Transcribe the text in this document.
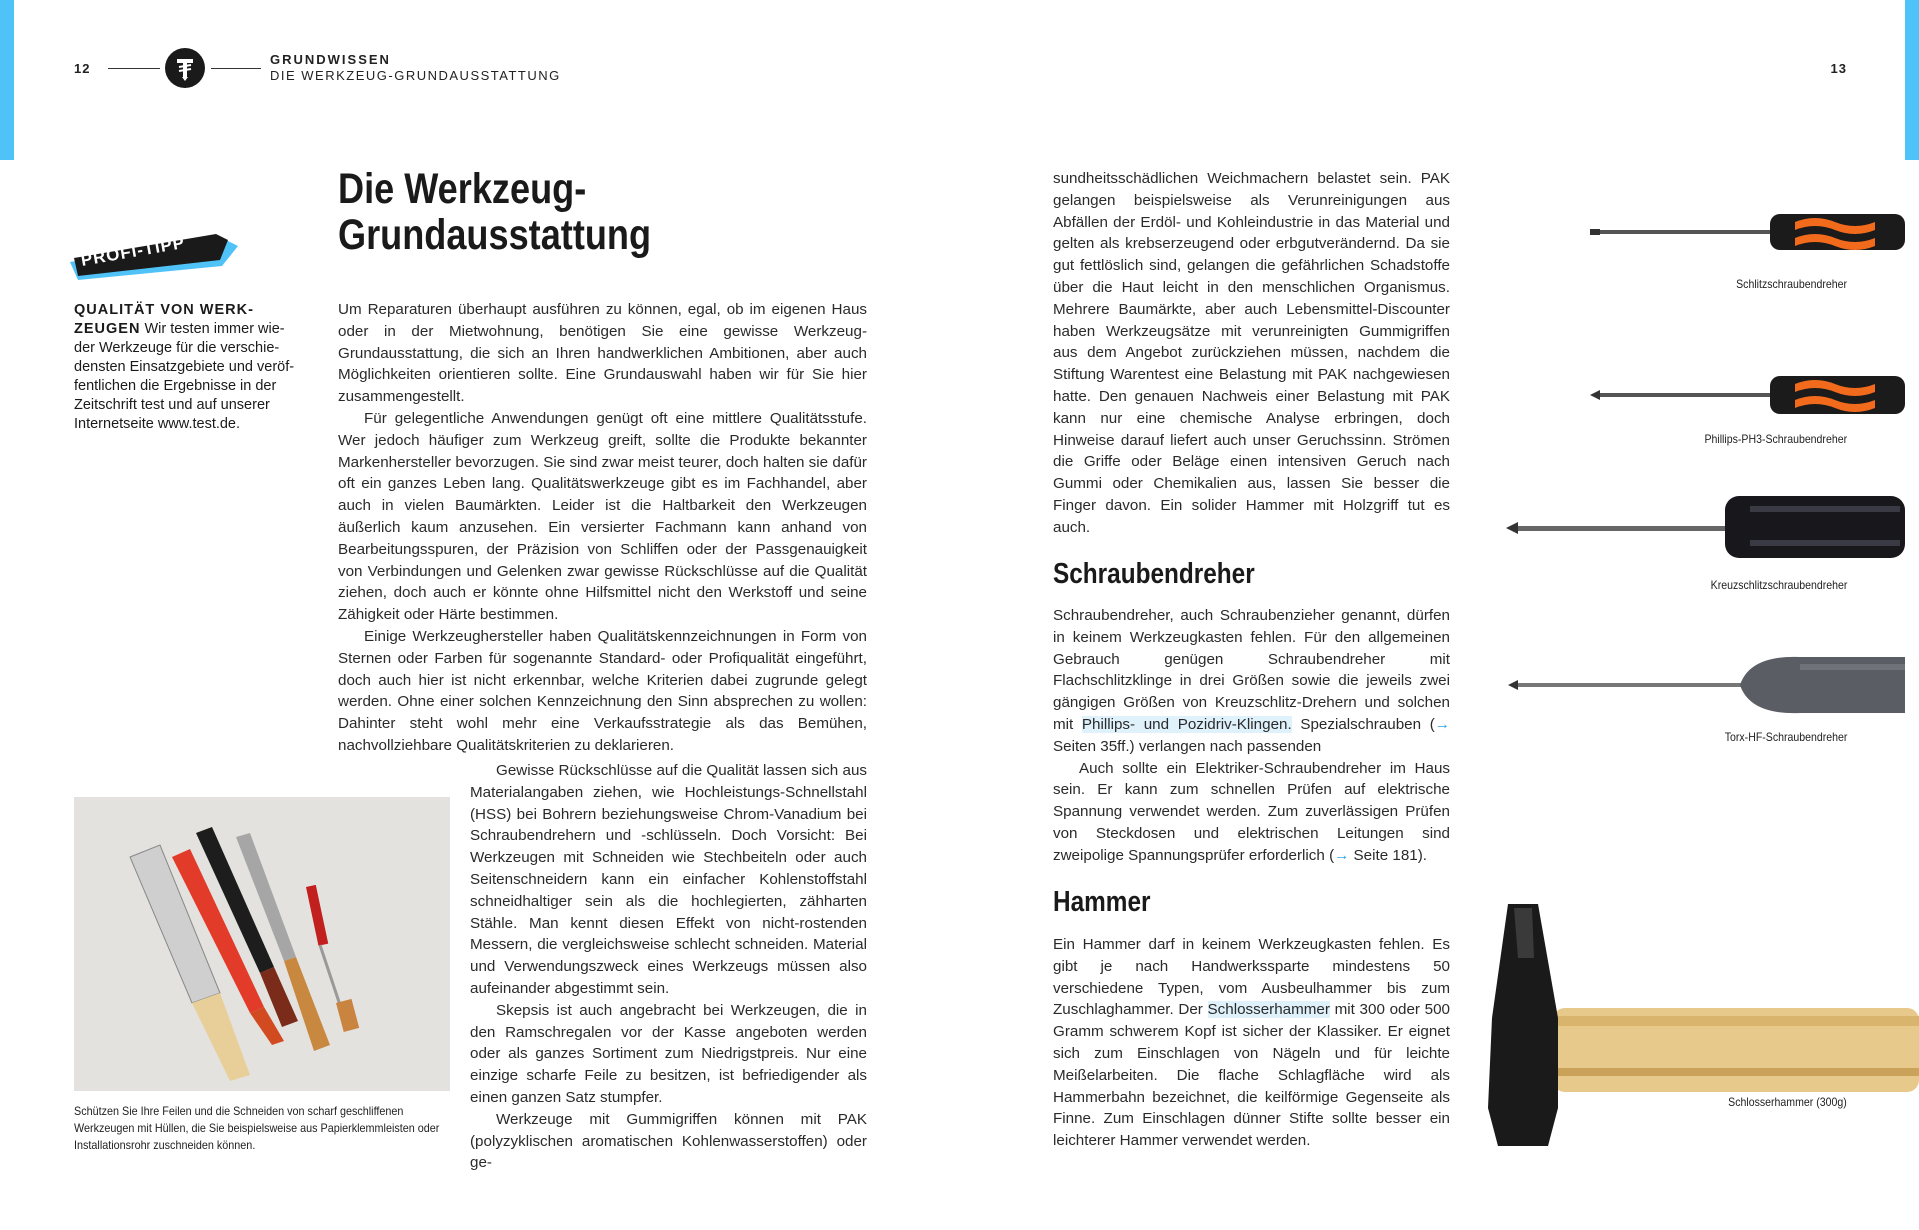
12
GRUNDWISSEN
DIE WERKZEUG-GRUNDAUSSTATTUNG	13
PROFI-TIPP
QUALITÄT VON WERK-
ZEUGEN Wir testen immer wie-
der Werkzeuge für die verschie-densten Einsatzgebiete und veröf-fentlichen die Ergebnisse in der Zeitschrift test und auf unserer Internetseite www.test.de.
Die Werkzeug-
Grundausstattung

Um Reparaturen überhaupt ausführen zu können, egal, ob im eigenen Haus oder in der Mietwohnung, benötigen Sie eine gewisse Werkzeug-Grundausstattung, die sich an Ihren handwerklichen Ambitionen, aber auch Möglichkeiten orientieren sollte. Eine Grundauswahl haben wir für Sie hier zusammengestellt.

Für gelegentliche Anwendungen genügt oft eine mittlere Qualitätsstufe. Wer jedoch häufiger zum Werkzeug greift, sollte die Produkte bekannter Markenhersteller bevorzugen. Sie sind zwar meist teurer, doch halten sie dafür oft ein ganzes Leben lang. Qualitätswerkzeuge gibt es im Fachhandel, aber auch in vielen Baumärkten. Leider ist die Haltbarkeit den Werkzeugen äußerlich kaum anzusehen. Ein versierter Fachmann kann anhand von Bearbeitungsspuren, der Präzision von Schliffen oder der Passgenauigkeit von Verbindungen und Gelenken zwar gewisse Rückschlüsse auf die Qualität ziehen, doch auch er könnte ohne Hilfsmittel nicht den Werkstoff und seine Zähigkeit oder Härte bestimmen.

Einige Werkzeughersteller haben Qualitätskennzeichnungen in Form von Sternen oder Farben für sogenannte Standard- oder Profiqualität eingeführt, doch auch hier ist nicht erkennbar, welche Kriterien dabei zugrunde gelegt werden. Ohne einer solchen Kennzeichnung den Sinn absprechen zu wollen: Dahinter steht wohl mehr eine Verkaufsstrategie als das Bemühen, nachvollziehbare Qualitätskriterien zu deklarieren.

Gewisse Rückschlüsse auf die Qualität lassen sich aus Materialangaben ziehen, wie Hochleistungs-Schnellstahl (HSS) bei Bohrern beziehungsweise Chrom-Vanadium bei Schraubendrehern und -schlüsseln. Doch Vorsicht: Bei Werkzeugen mit Schneiden wie Stechbeiteln oder auch Seitenschneidern kann ein einfacher Kohlenstoffstahl schneidhaltiger sein als die hochlegierten, zähharten Stähle. Man kennt diesen Effekt von nicht-rostenden Messern, die vergleichsweise schlecht schneiden. Material und Verwendungszweck eines Werkzeugs müssen also aufeinander abgestimmt sein.

Skepsis ist auch angebracht bei Werkzeugen, die in den Ramschregalen vor der Kasse angeboten werden oder als ganzes Sortiment zum Niedrigstpreis. Nur eine einzige scharfe Feile zu besitzen, ist befriedigender als einen ganzen Satz stumpfer.

Werkzeuge mit Gummigriffen können mit PAK (polyzyklischen aromatischen Kohlenwasserstoffen) oder ge-

Schützen Sie Ihre Feilen und die Schneiden von scharf geschliffenen Werkzeugen mit Hüllen, die Sie beispielsweise aus Papierklemmleisten oder Installationsrohr zuschneiden können.

sundheitsschädlichen Weichmachern belastet sein. PAK gelangen beispielsweise als Verunreinigungen aus Abfällen der Erdöl- und Kohleindustrie in das Material und gelten als krebserzeugend oder erbgutverändernd. Da sie gut fettlöslich sind, gelangen die gefährlichen Schadstoffe über die Haut leicht in den menschlichen Organismus. Mehrere Baumärkte, aber auch Lebensmittel-Discounter haben Werkzeugsätze mit verunreinigten Gummigriffen aus dem Angebot zurückziehen müssen, nachdem die Stiftung Warentest eine Belastung mit PAK nachgewiesen hatte. Den genauen Nachweis einer Belastung mit PAK kann nur eine chemische Analyse erbringen, doch Hinweise darauf liefert auch unser Geruchssinn. Strömen die Griffe oder Beläge einen intensiven Geruch nach Gummi oder Chemikalien aus, lassen Sie besser die Finger davon. Ein solider Hammer mit Holzgriff tut es auch.

Schraubendreher

Schraubendreher, auch Schraubenzieher genannt, dürfen in keinem Werkzeugkasten fehlen. Für den allgemeinen Gebrauch genügen Schraubendreher mit Flachschlitzklinge in drei Größen sowie die jeweils zwei gängigen Größen von Kreuzschlitz-Drehern und solchen mit Phillips- und Pozidriv-Klingen. Spezialschrauben (→ Seiten 35ff.) verlangen nach passenden

Auch sollte ein Elektriker-Schraubendreher im Haus sein. Er kann zum schnellen Prüfen auf elektrische Spannung verwendet werden. Zum zuverlässigen Prüfen von Steckdosen und elektrischen Leitungen sind zweipolige Spannungsprüfer erforderlich (→ Seite 181).

Hammer

Ein Hammer darf in keinem Werkzeugkasten fehlen. Es gibt je nach Handwerkssparte mindestens 50 verschiedene Typen, vom Ausbeulhammer bis zum Zuschlaghammer. Der Schlosserhammer mit 300 oder 500 Gramm schwerem Kopf ist sicher der Klassiker. Er eignet sich zum Einschlagen von Nägeln und für leichte Meißelarbeiten. Die flache Schlagfläche wird als Hammerbahn bezeichnet, die keilförmige Gegenseite als Finne. Zum Einschlagen dünner Stifte sollte besser ein leichterer Hammer verwendet werden.

Schlitzschraubendreher
Phillips-PH3-Schraubendreher
Kreuzschlitzschraubendreher
Torx-HF-Schraubendreher
Schlosserhammer (300g)
